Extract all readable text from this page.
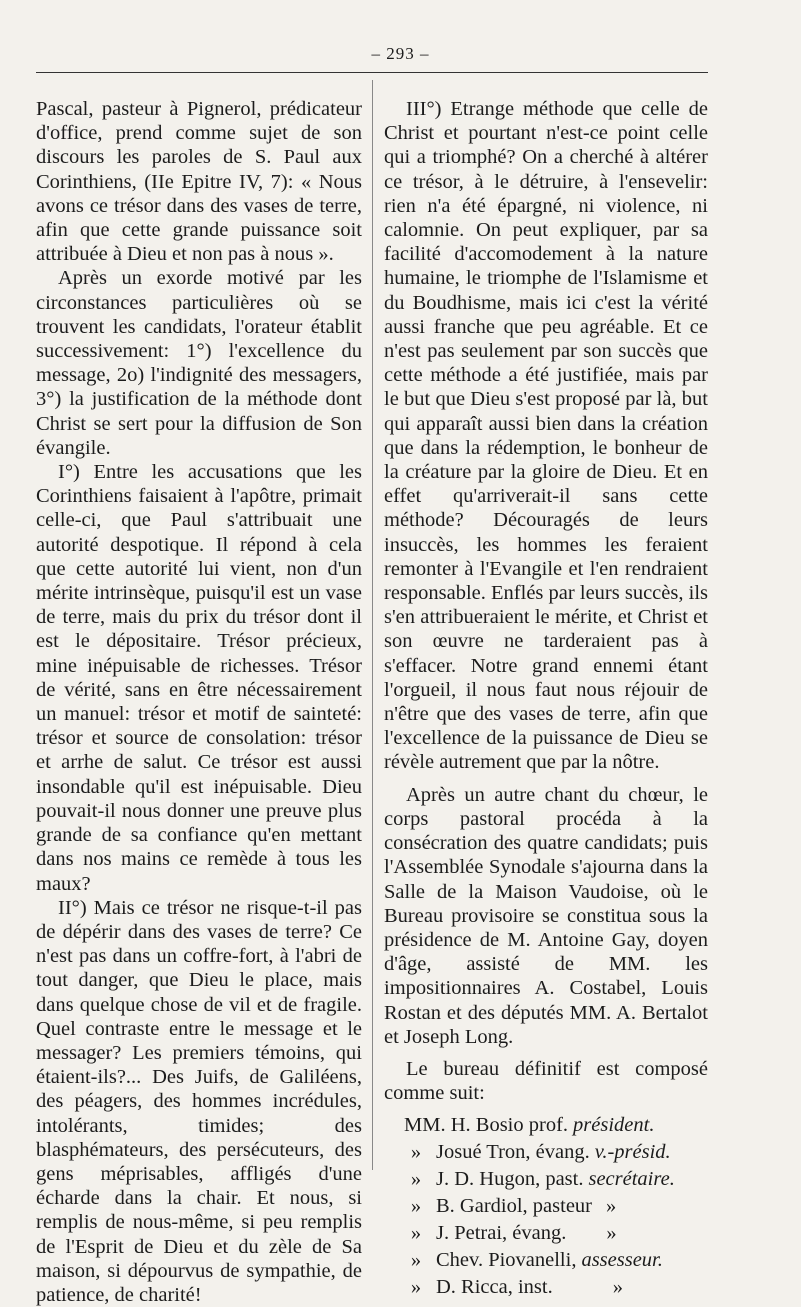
– 293 –

Pascal, pasteur à Pignerol, prédicateur d'office, prend comme sujet de son discours les paroles de S. Paul aux Corinthiens, (IIe Epitre IV, 7): « Nous avons ce trésor dans des vases de terre, afin que cette grande puissance soit attribuée à Dieu et non pas à nous ».

Après un exorde motivé par les circonstances particulières où se trouvent les candidats, l'orateur établit successivement: 1°) l'excellence du message, 2o) l'indignité des messagers, 3°) la justification de la méthode dont Christ se sert pour la diffusion de Son évangile.

I°) Entre les accusations que les Corinthiens faisaient à l'apôtre, primait celle-ci, que Paul s'attribuait une autorité despotique. Il répond à cela que cette autorité lui vient, non d'un mérite intrinsèque, puisqu'il est un vase de terre, mais du prix du trésor dont il est le dépositaire. Trésor précieux, mine inépuisable de richesses. Trésor de vérité, sans en être nécessairement un manuel: trésor et motif de sainteté: trésor et source de consolation: trésor et arrhe de salut. Ce trésor est aussi insondable qu'il est inépuisable. Dieu pouvait-il nous donner une preuve plus grande de sa confiance qu'en mettant dans nos mains ce remède à tous les maux?

II°) Mais ce trésor ne risque-t-il pas de dépérir dans des vases de terre? Ce n'est pas dans un coffre-fort, à l'abri de tout danger, que Dieu le place, mais dans quelque chose de vil et de fragile. Quel contraste entre le message et le messager? Les premiers témoins, qui étaient-ils?... Des Juifs, de Galiléens, des péagers, des hommes incrédules, intolérants, timides; des blasphémateurs, des persécuteurs, des gens méprisables, affligés d'une écharde dans la chair. Et nous, si remplis de nous-même, si peu remplis de l'Esprit de Dieu et du zèle de Sa maison, si dépourvus de sympathie, de patience, de charité!

III°) Etrange méthode que celle de Christ et pourtant n'est-ce point celle qui a triomphé? On a cherché à altérer ce trésor, à le détruire, à l'ensevelir: rien n'a été épargné, ni violence, ni calomnie. On peut expliquer, par sa facilité d'accomodement à la nature humaine, le triomphe de l'Islamisme et du Boudhisme, mais ici c'est la vérité aussi franche que peu agréable. Et ce n'est pas seulement par son succès que cette méthode a été justifiée, mais par le but que Dieu s'est proposé par là, but qui apparaît aussi bien dans la création que dans la rédemption, le bonheur de la créature par la gloire de Dieu. Et en effet qu'arriverait-il sans cette méthode? Découragés de leurs insuccès, les hommes les feraient remonter à l'Evangile et l'en rendraient responsable. Enflés par leurs succès, ils s'en attribueraient le mérite, et Christ et son œuvre ne tarderaient pas à s'effacer. Notre grand ennemi étant l'orgueil, il nous faut nous réjouir de n'être que des vases de terre, afin que l'excellence de la puissance de Dieu se révèle autrement que par la nôtre.

Après un autre chant du chœur, le corps pastoral procéda à la consécration des quatre candidats; puis l'Assemblée Synodale s'ajourna dans la Salle de la Maison Vaudoise, où le Bureau provisoire se constitua sous la présidence de M. Antoine Gay, doyen d'âge, assisté de MM. les impositionnaires A. Costabel, Louis Rostan et des députés MM. A. Bertalot et Joseph Long.

Le bureau définitif est composé comme suit:

MM.
H. Bosio prof. président.
» Josué Tron, évang. v.-présid.
» J. D. Hugon, past. secrétaire.
» B. Gardiol, pasteur »
» J. Petrai, évang. »
» Chev. Piovanelli, assesseur.
» D. Ricca, inst.	»
